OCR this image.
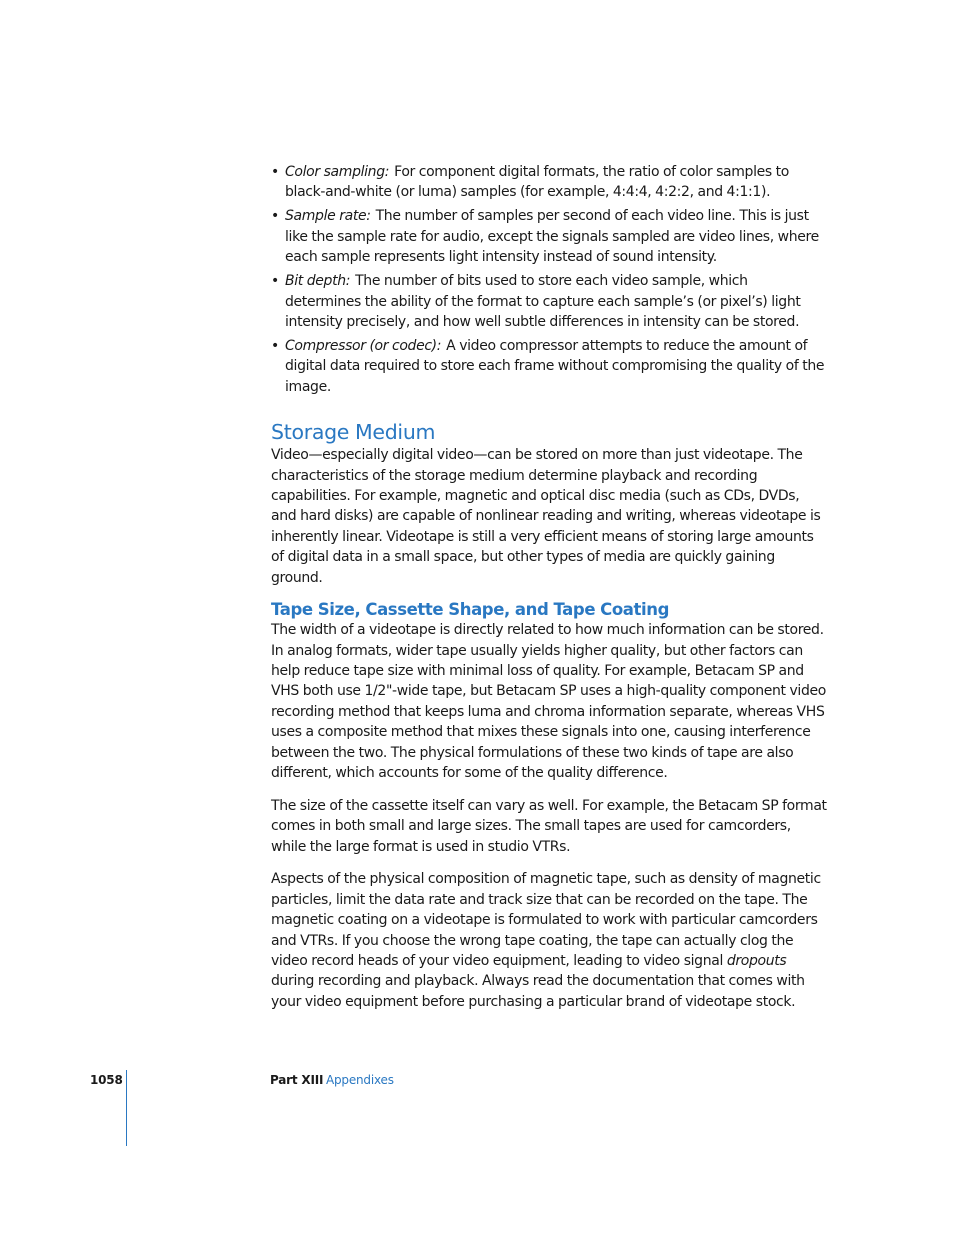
• Color sampling: For component digital formats, the ratio of color samples to black-and-white (or luma) samples (for example, 4:4:4, 4:2:2, and 4:1:1).
• Sample rate: The number of samples per second of each video line. This is just like the sample rate for audio, except the signals sampled are video lines, where each sample represents light intensity instead of sound intensity.
• Bit depth: The number of bits used to store each video sample, which determines the ability of the format to capture each sample’s (or pixel’s) light intensity precisely, and how well subtle differences in intensity can be stored.
• Compressor (or codec): A video compressor attempts to reduce the amount of digital data required to store each frame without compromising the quality of the image.
Storage Medium

Video—especially digital video—can be stored on more than just videotape. The characteristics of the storage medium determine playback and recording capabilities. For example, magnetic and optical disc media (such as CDs, DVDs, and hard disks) are capable of nonlinear reading and writing, whereas videotape is inherently linear. Videotape is still a very efficient means of storing large amounts of digital data in a small space, but other types of media are quickly gaining ground.

Tape Size, Cassette Shape, and Tape Coating

The width of a videotape is directly related to how much information can be stored. In analog formats, wider tape usually yields higher quality, but other factors can help reduce tape size with minimal loss of quality. For example, Betacam SP and VHS both use 1/2"-wide tape, but Betacam SP uses a high-quality component video recording method that keeps luma and chroma information separate, whereas VHS uses a composite method that mixes these signals into one, causing interference between the two. The physical formulations of these two kinds of tape are also different, which accounts for some of the quality difference.

The size of the cassette itself can vary as well. For example, the Betacam SP format comes in both small and large sizes. The small tapes are used for camcorders, while the large format is used in studio VTRs.

Aspects of the physical composition of magnetic tape, such as density of magnetic particles, limit the data rate and track size that can be recorded on the tape. The magnetic coating on a videotape is formulated to work with particular camcorders and VTRs. If you choose the wrong tape coating, the tape can actually clog the video record heads of your video equipment, leading to video signal dropouts during recording and playback. Always read the documentation that comes with your video equipment before purchasing a particular brand of videotape stock.

1058	Part XIII Appendixes
